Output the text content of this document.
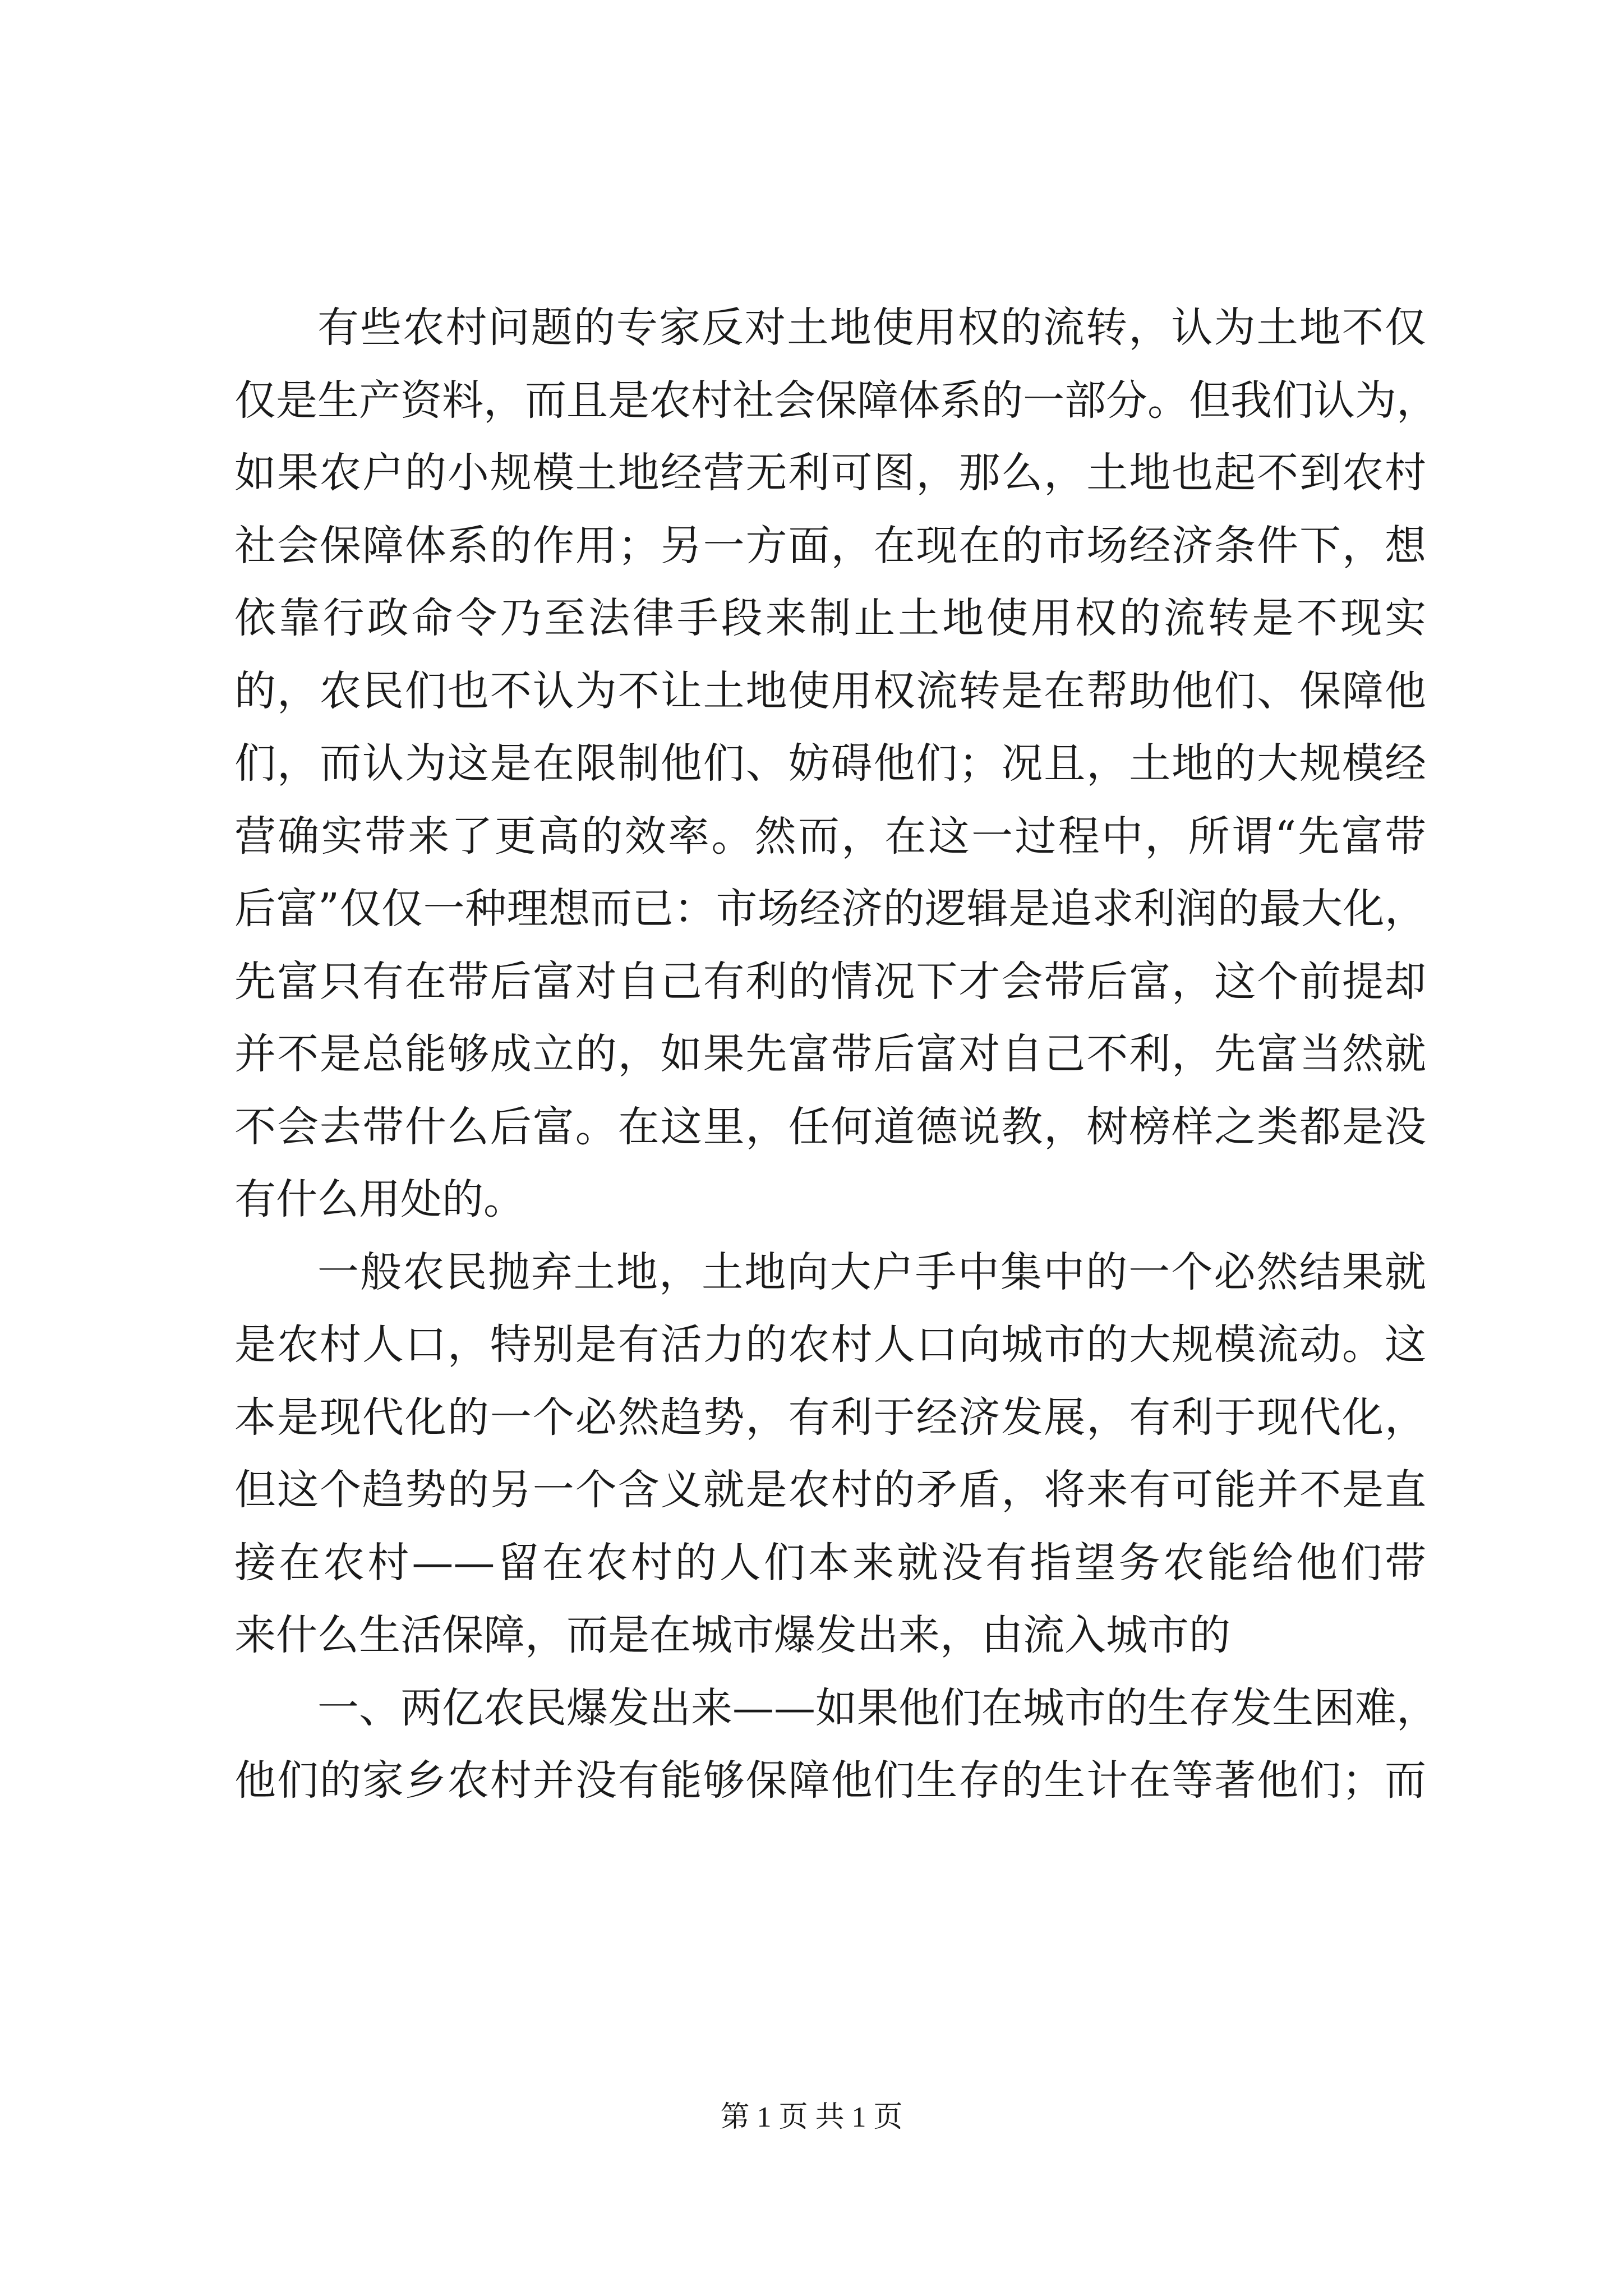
有些农村问题的专家反对土地使用权的流转，认为土地不仅
仅是生产资料，而且是农村社会保障体系的一部分。但我们认为，
如果农户的小规模土地经营无利可图，那么，土地也起不到农村
社会保障体系的作用；另一方面，在现在的市场经济条件下，想
依靠行政命令乃至法律手段来制止土地使用权的流转是不现实
的，农民们也不认为不让土地使用权流转是在帮助他们、保障他
们，而认为这是在限制他们、妨碍他们；况且，土地的大规模经
营确实带来了更高的效率。然而，在这一过程中，所谓“先富带
后富”仅仅一种理想而已：市场经济的逻辑是追求利润的最大化，
先富只有在带后富对自己有利的情况下才会带后富，这个前提却
并不是总能够成立的，如果先富带后富对自己不利，先富当然就
不会去带什么后富。在这里，任何道德说教，树榜样之类都是没
有什么用处的。
一般农民抛弃土地，土地向大户手中集中的一个必然结果就
是农村人口，特别是有活力的农村人口向城市的大规模流动。这
本是现代化的一个必然趋势，有利于经济发展，有利于现代化，
但这个趋势的另一个含义就是农村的矛盾，将来有可能并不是直
接在农村——留在农村的人们本来就没有指望务农能给他们带
来什么生活保障，而是在城市爆发出来，由流入城市的
一、两亿农民爆发出来——如果他们在城市的生存发生困难，
他们的家乡农村并没有能够保障他们生存的生计在等著他们；而
第 1 页 共 1 页
